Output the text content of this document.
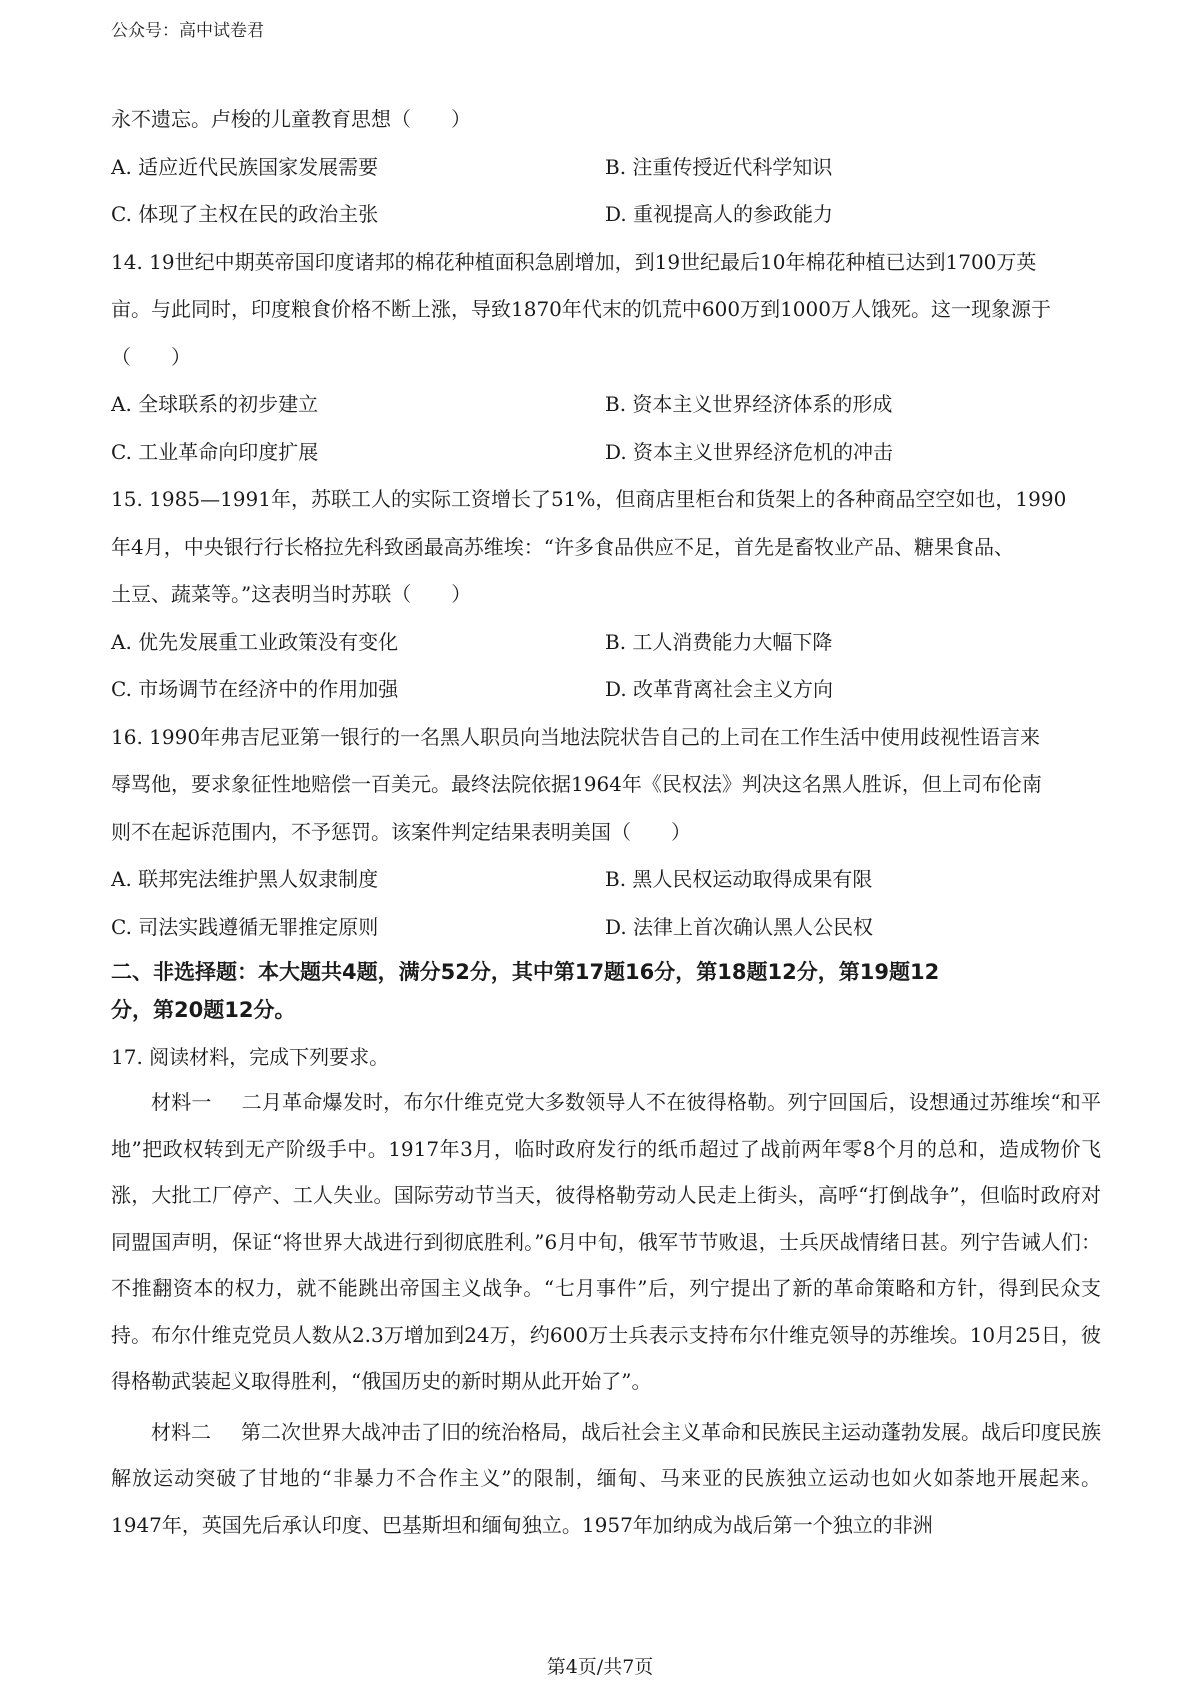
公众号：高中试卷君

永不遗忘。卢梭的儿童教育思想（　　）

A. 适应近代民族国家发展需要	B. 注重传授近代科学知识
C. 体现了主权在民的政治主张	D. 重视提高人的参政能力

14. 19世纪中期英帝国印度诸邦的棉花种植面积急剧增加，到19世纪最后10年棉花种植已达到1700万英

亩。与此同时，印度粮食价格不断上涨，导致1870年代末的饥荒中600万到1000万人饿死。这一现象源于

（　　）

A. 全球联系的初步建立	B. 资本主义世界经济体系的形成
C. 工业革命向印度扩展	D. 资本主义世界经济危机的冲击

15. 1985—1991年，苏联工人的实际工资增长了51%，但商店里柜台和货架上的各种商品空空如也，1990

年4月，中央银行行长格拉先科致函最高苏维埃：“许多食品供应不足，首先是畜牧业产品、糖果食品、

土豆、蔬菜等。”这表明当时苏联（　　）

A. 优先发展重工业政策没有变化	B. 工人消费能力大幅下降
C. 市场调节在经济中的作用加强	D. 改革背离社会主义方向

16. 1990年弗吉尼亚第一银行的一名黑人职员向当地法院状告自己的上司在工作生活中使用歧视性语言来

辱骂他，要求象征性地赔偿一百美元。最终法院依据1964年《民权法》判决这名黑人胜诉，但上司布伦南

则不在起诉范围内，不予惩罚。该案件判定结果表明美国（　　）

A. 联邦宪法维护黑人奴隶制度	B. 黑人民权运动取得成果有限
C. 司法实践遵循无罪推定原则	D. 法律上首次确认黑人公民权

二、非选择题：本大题共4题，满分52分，其中第17题16分，第18题12分，第19题12

分，第20题12分。

17. 阅读材料，完成下列要求。

材料一 二月革命爆发时，布尔什维克党大多数领导人不在彼得格勒。列宁回国后，设想通过苏维埃“和平地”把政权转到无产阶级手中。1917年3月，临时政府发行的纸币超过了战前两年零8个月的总和，造成物价飞涨，大批工厂停产、工人失业。国际劳动节当天，彼得格勒劳动人民走上街头，高呼“打倒战争”，但临时政府对同盟国声明，保证“将世界大战进行到彻底胜利。”6月中旬，俄军节节败退，士兵厌战情绪日甚。列宁告诫人们：不推翻资本的权力，就不能跳出帝国主义战争。“七月事件”后，列宁提出了新的革命策略和方针，得到民众支持。布尔什维克党员人数从2.3万增加到24万，约600万士兵表示支持布尔什维克领导的苏维埃。10月25日，彼得格勒武装起义取得胜利，“俄国历史的新时期从此开始了”。

材料二 第二次世界大战冲击了旧的统治格局，战后社会主义革命和民族民主运动蓬勃发展。战后印度民族解放运动突破了甘地的“非暴力不合作主义”的限制，缅甸、马来亚的民族独立运动也如火如荼地开展起来。1947年，英国先后承认印度、巴基斯坦和缅甸独立。1957年加纳成为战后第一个独立的非洲

第4页/共7页
